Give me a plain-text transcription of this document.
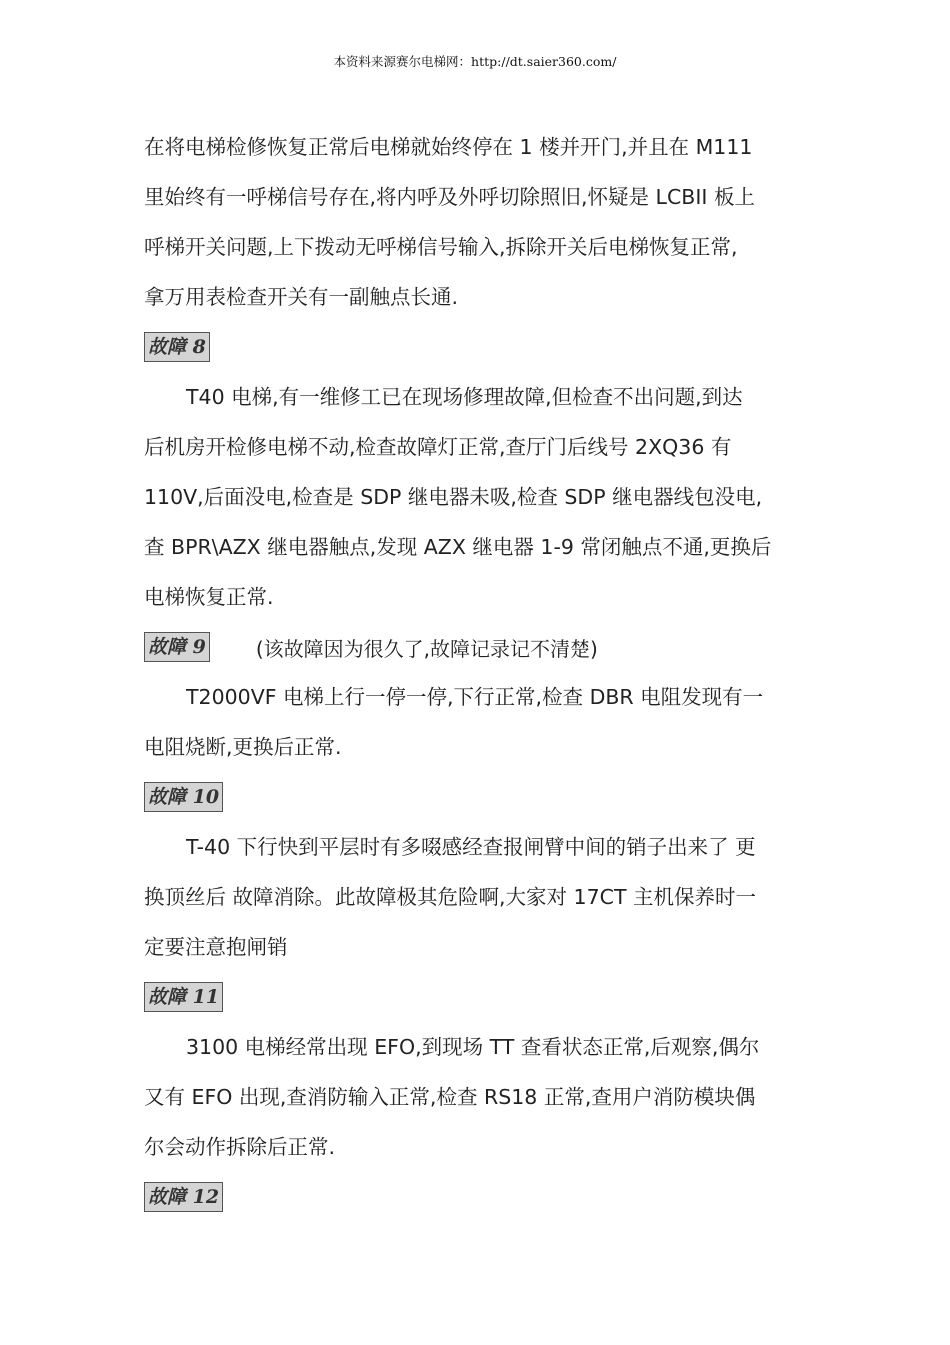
本资料来源赛尔电梯网：http://dt.saier360.com/

在将电梯检修恢复正常后电梯就始终停在 1 楼并开门,并且在 M111
里始终有一呼梯信号存在,将内呼及外呼切除照旧,怀疑是 LCBII 板上
呼梯开关问题,上下拨动无呼梯信号输入,拆除开关后电梯恢复正常,
拿万用表检查开关有一副触点长通.

故障 8

T40 电梯,有一维修工已在现场修理故障,但检查不出问题,到达
后机房开检修电梯不动,检查故障灯正常,查厅门后线号 2XQ36 有
110V,后面没电,检查是 SDP 继电器未吸,检查 SDP 继电器线包没电,
查 BPR\AZX 继电器触点,发现 AZX 继电器 1-9 常闭触点不通,更换后
电梯恢复正常.

故障 9	(该故障因为很久了,故障记录记不清楚)

T2000VF 电梯上行一停一停,下行正常,检查 DBR 电阻发现有一
电阻烧断,更换后正常.

故障 10

T-40 下行快到平层时有多啜感经查报闸臂中间的销子出来了 更
换顶丝后 故障消除。此故障极其危险啊,大家对 17CT 主机保养时一
定要注意抱闸销

故障 11

3100 电梯经常出现 EFO,到现场 TT 查看状态正常,后观察,偶尔
又有 EFO 出现,查消防输入正常,检查 RS18 正常,查用户消防模块偶
尔会动作拆除后正常.

故障 12
